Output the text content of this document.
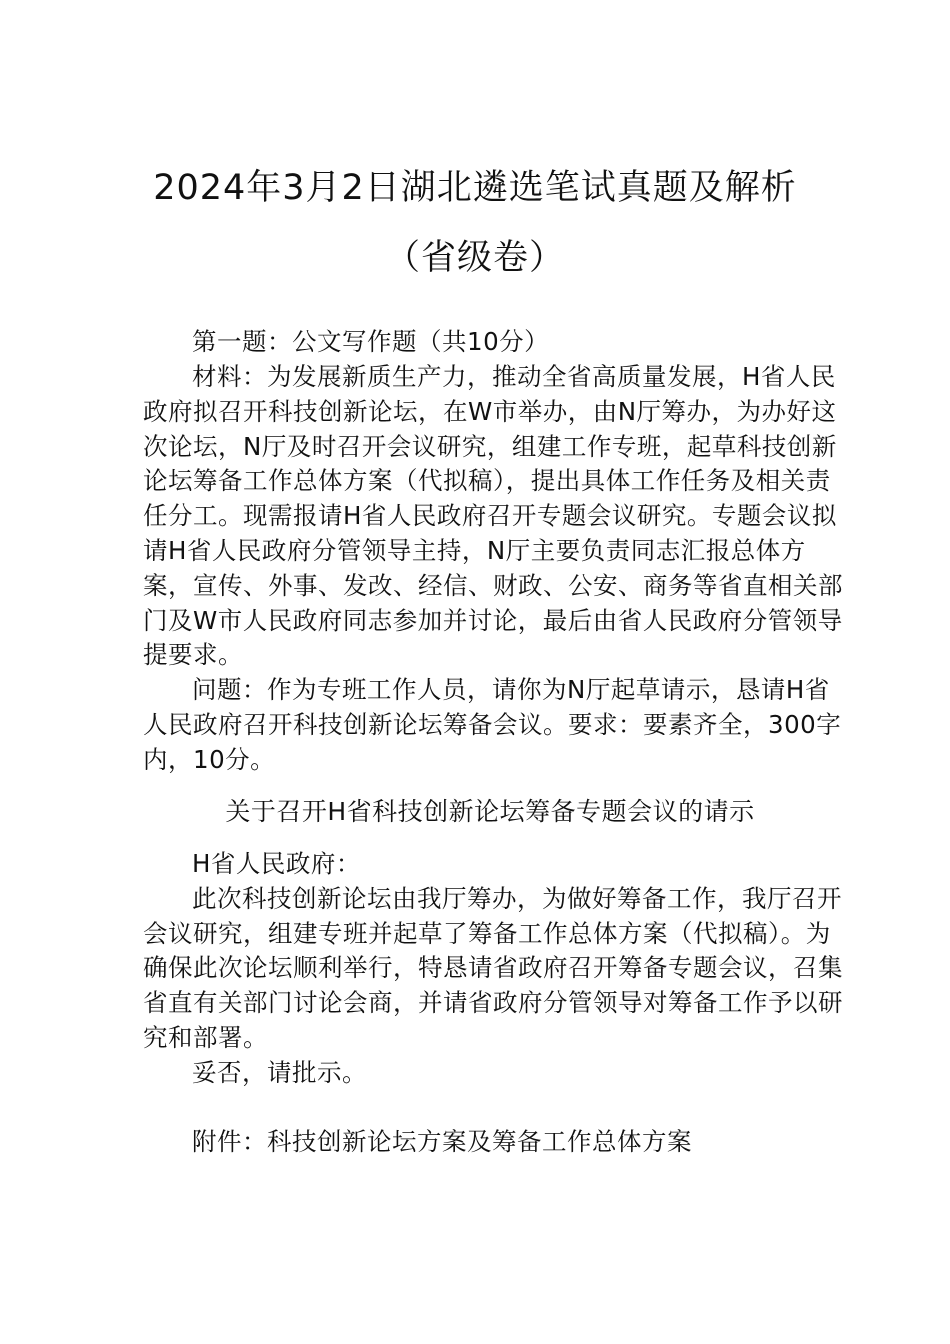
2024年3月2日湖北遴选笔试真题及解析
（省级卷）

第一题：公文写作题（共10分）

材料：为发展新质生产力，推动全省高质量发展，H省人民政府拟召开科技创新论坛，在W市举办，由N厅筹办，为办好这次论坛，N厅及时召开会议研究，组建工作专班，起草科技创新论坛筹备工作总体方案（代拟稿），提出具体工作任务及相关责任分工。现需报请H省人民政府召开专题会议研究。专题会议拟请H省人民政府分管领导主持，N厅主要负责同志汇报总体方案，宣传、外事、发改、经信、财政、公安、商务等省直相关部门及W市人民政府同志参加并讨论，最后由省人民政府分管领导提要求。

问题：作为专班工作人员，请你为N厅起草请示，恳请H省人民政府召开科技创新论坛筹备会议。要求：要素齐全，300字内，10分。

关于召开H省科技创新论坛筹备专题会议的请示

H省人民政府：

此次科技创新论坛由我厅筹办，为做好筹备工作，我厅召开会议研究，组建专班并起草了筹备工作总体方案（代拟稿）。为确保此次论坛顺利举行，特恳请省政府召开筹备专题会议，召集省直有关部门讨论会商，并请省政府分管领导对筹备工作予以研究和部署。

妥否，请批示。

附件：科技创新论坛方案及筹备工作总体方案
